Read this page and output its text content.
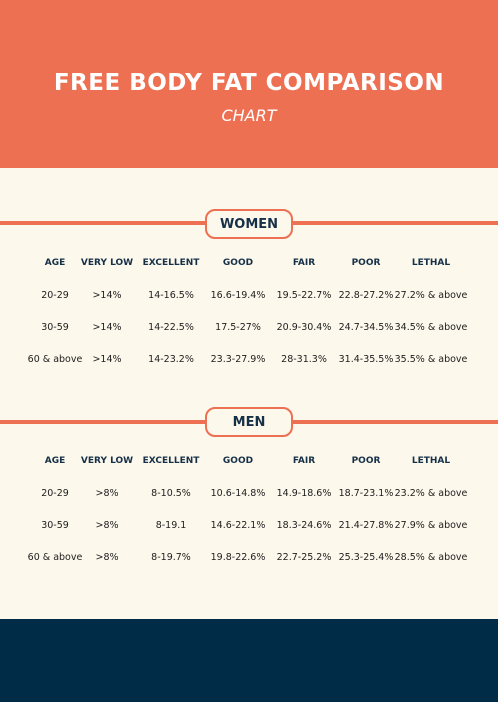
FREE BODY FAT COMPARISON
CHART
WOMEN
AGE VERY LOW EXCELLENT	GOOD	FAIR	POOR	LETHAL
20-29 >14%	14-16.5% 16.6-19.4% 19.5-22.7% 22.8-27.2% 27.2% & above
30-59 >14%	14-22.5% 17.5-27% 20.9-30.4% 24.7-34.5% 34.5% & above
60 & above >14%	14-23.2% 23.3-27.9% 28-31.3% 31.4-35.5% 35.5% & above
MEN
AGE VERY LOW EXCELLENT	GOOD	FAIR	POOR	LETHAL
20-29	>8%	8-10.5% 10.6-14.8% 14.9-18.6% 18.7-23.1% 23.2% & above
30-59	>8%	8-19.1	14.6-22.1% 18.3-24.6% 21.4-27.8% 27.9% & above
60 & above >8%	8-19.7% 19.8-22.6% 22.7-25.2% 25.3-25.4% 28.5% & above
